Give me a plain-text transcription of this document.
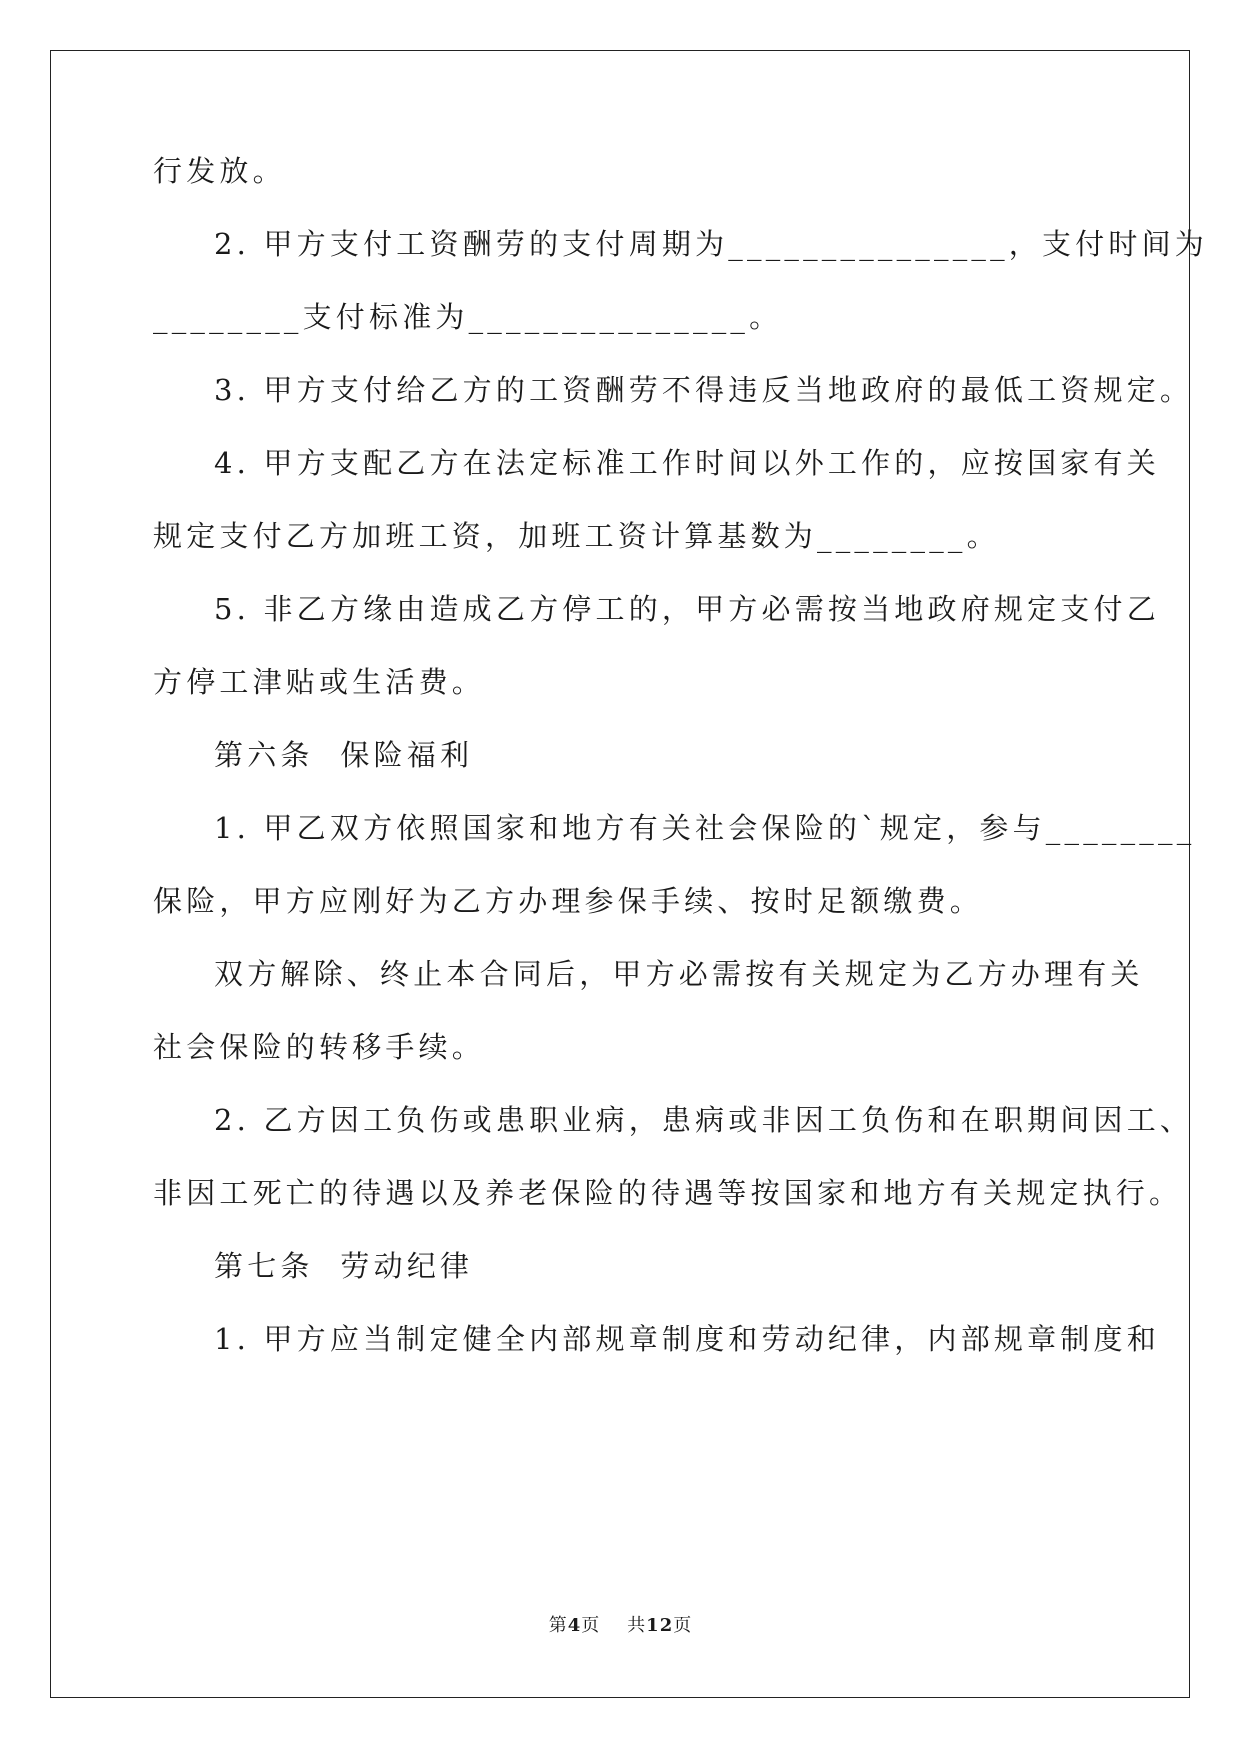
行发放。
2. 甲方支付工资酬劳的支付周期为_______________，支付时间为
________支付标准为_______________。
3. 甲方支付给乙方的工资酬劳不得违反当地政府的最低工资规定。
4. 甲方支配乙方在法定标准工作时间以外工作的，应按国家有关
规定支付乙方加班工资，加班工资计算基数为________。
5. 非乙方缘由造成乙方停工的，甲方必需按当地政府规定支付乙
方停工津贴或生活费。
第六条  保险福利
1. 甲乙双方依照国家和地方有关社会保险的`规定，参与________
保险，甲方应刚好为乙方办理参保手续、按时足额缴费。
双方解除、终止本合同后，甲方必需按有关规定为乙方办理有关
社会保险的转移手续。
2. 乙方因工负伤或患职业病，患病或非因工负伤和在职期间因工、
非因工死亡的待遇以及养老保险的待遇等按国家和地方有关规定执行。
第七条  劳动纪律
1. 甲方应当制定健全内部规章制度和劳动纪律，内部规章制度和
第4页    共12页
